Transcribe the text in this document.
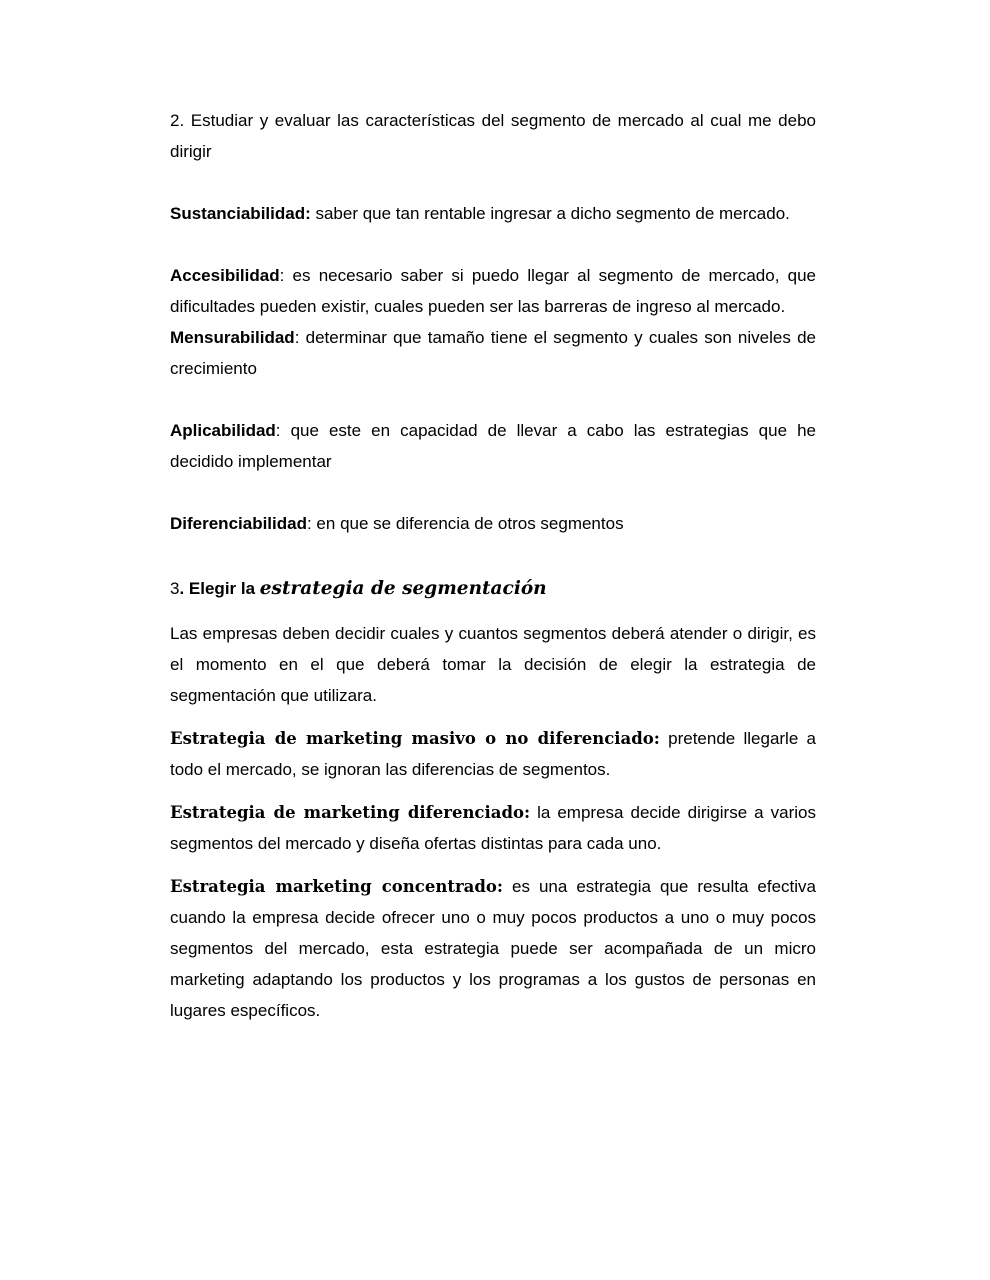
2. Estudiar y evaluar las características del segmento de mercado al cual me debo dirigir

Sustanciabilidad: saber que tan rentable ingresar a dicho segmento de mercado.

Accesibilidad: es necesario saber si puedo llegar al segmento de mercado, que dificultades pueden existir, cuales pueden ser las barreras de ingreso al mercado.

Mensurabilidad: determinar que tamaño tiene el segmento y cuales son niveles de crecimiento

Aplicabilidad: que este en capacidad de llevar a cabo las estrategias que he decidido implementar

Diferenciabilidad: en que se diferencia de otros segmentos

3. Elegir la estrategia de segmentación

Las empresas deben decidir cuales y cuantos segmentos deberá atender o dirigir, es el momento en el que deberá tomar la decisión de elegir la estrategia de segmentación que utilizara.

Estrategia de marketing masivo o no diferenciado: pretende llegarle a todo el mercado, se ignoran las diferencias de segmentos.

Estrategia de marketing diferenciado: la empresa decide dirigirse a varios segmentos del mercado y diseña ofertas distintas para cada uno.

Estrategia marketing concentrado: es una estrategia que resulta efectiva cuando la empresa decide ofrecer uno o muy pocos productos a uno o muy pocos segmentos del mercado, esta estrategia puede ser acompañada de un micro marketing adaptando los productos y los programas a los gustos de personas en lugares específicos.
